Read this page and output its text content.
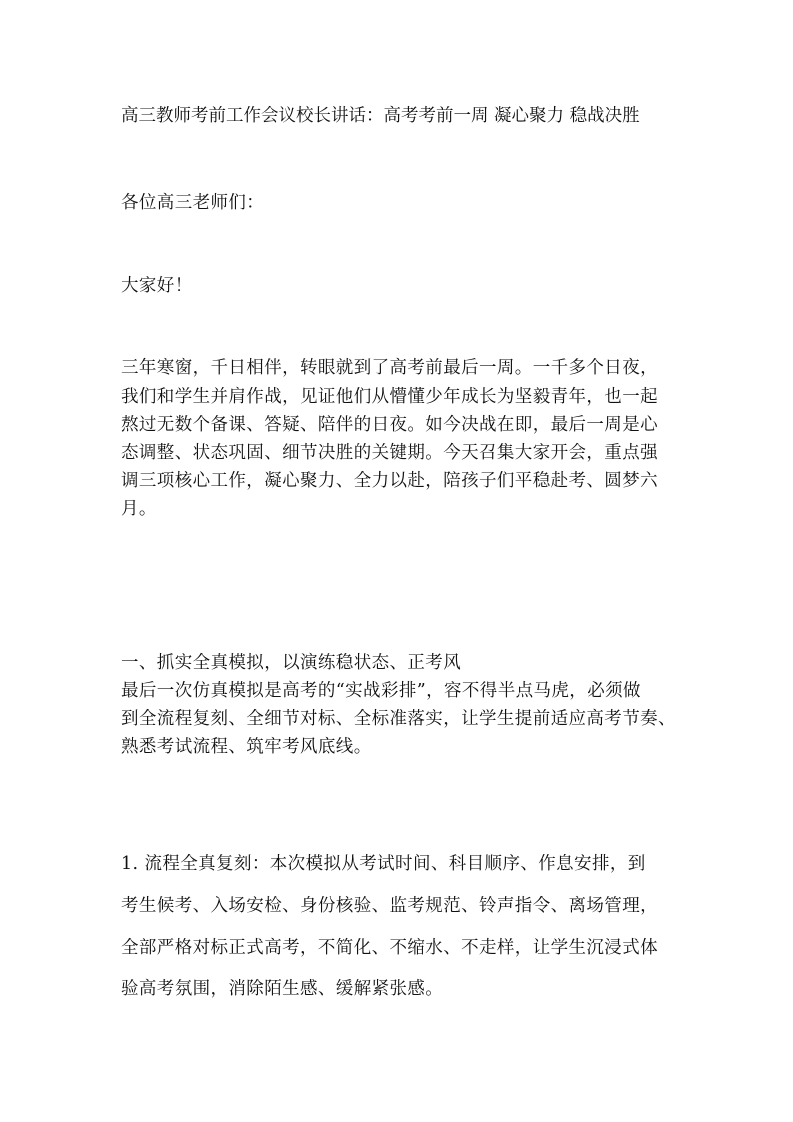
高三教师考前工作会议校长讲话：高考考前一周 凝心聚力 稳战决胜
各位高三老师们：
大家好！
三年寒窗，千日相伴，转眼就到了高考前最后一周。一千多个日夜，
我们和学生并肩作战，见证他们从懵懂少年成长为坚毅青年，也一起
熬过无数个备课、答疑、陪伴的日夜。如今决战在即，最后一周是心
态调整、状态巩固、细节决胜的关键期。今天召集大家开会，重点强
调三项核心工作，凝心聚力、全力以赴，陪孩子们平稳赴考、圆梦六
月。
一、抓实全真模拟，以演练稳状态、正考风
最后一次仿真模拟是高考的“实战彩排”，容不得半点马虎，必须做
到全流程复刻、全细节对标、全标准落实，让学生提前适应高考节奏、
熟悉考试流程、筑牢考风底线。
1. 流程全真复刻：本次模拟从考试时间、科目顺序、作息安排，到
考生候考、入场安检、身份核验、监考规范、铃声指令、离场管理，
全部严格对标正式高考，不简化、不缩水、不走样，让学生沉浸式体
验高考氛围，消除陌生感、缓解紧张感。
